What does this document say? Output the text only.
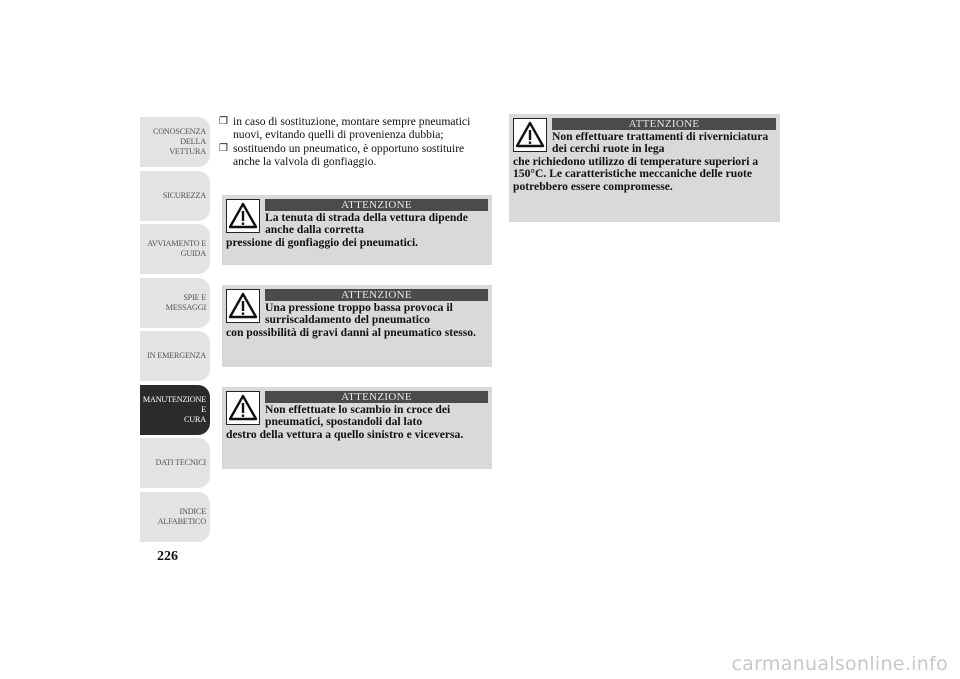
CONOSCENZA
DELLA VETTURA
SICUREZZA
AVVIAMENTO E
GUIDA
SPIE E MESSAGGI
IN EMERGENZA
MANUTENZIONE E
CURA
DATI TECNICI
INDICE
ALFABETICO
226
❒ in caso di sostituzione, montare sempre pneumatici nuovi, evitando quelli di provenienza dubbia;
❒ sostituendo un pneumatico, è opportuno sostituire anche la valvola di gonfiaggio.
ATTENZIONE
La tenuta di strada della vettura dipende anche dalla corretta
pressione di gonfiaggio dei pneumatici.
ATTENZIONE
Una pressione troppo bassa provoca il surriscaldamento del pneumatico
con possibilità di gravi danni al pneumatico stesso.
ATTENZIONE
Non effettuate lo scambio in croce dei pneumatici, spostandoli dal lato
destro della vettura a quello sinistro e viceversa.
ATTENZIONE
Non effettuare trattamenti di riverniciatura dei cerchi ruote in lega
che richiedono utilizzo di temperature superiori a 150°C. Le caratteristiche meccaniche delle ruote potrebbero essere compromesse.
carmanualsonline.info
